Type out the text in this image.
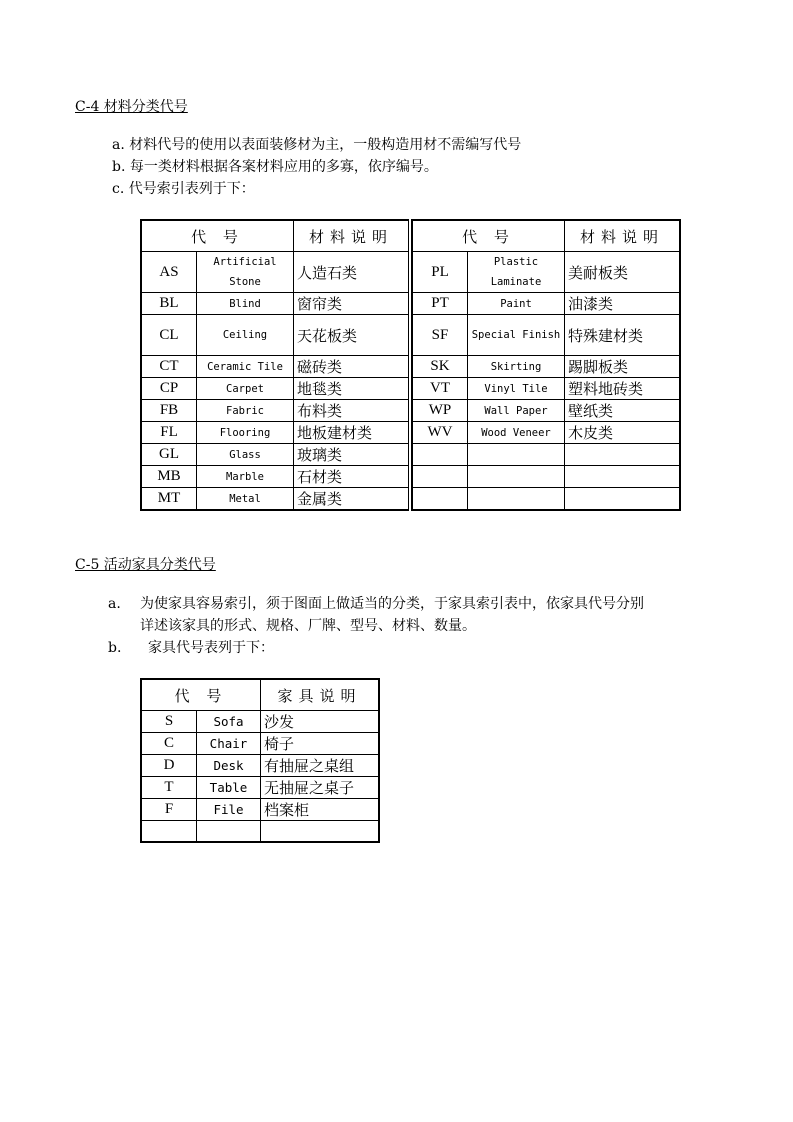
C-4 材料分类代号
a. 材料代号的使用以表面装修材为主，一般构造用材不需编写代号
b. 每一类材料根据各案材料应用的多寡，依序编号。
c. 代号索引表列于下：
代 号		材料说明		代 号		材料说明
AS	Artificial Stone	人造石类		PL	Plastic Laminate	美耐板类
BL	Blind	窗帘类		PT	Paint	油漆类
CL	Ceiling	天花板类		SF	Special Finish	特殊建材类
CT	Ceramic Tile	磁砖类		SK	Skirting	踢脚板类
CP	Carpet	地毯类		VT	Vinyl Tile	塑料地砖类
FB	Fabric	布料类		WP	Wall Paper	壁纸类
FL	Flooring	地板建材类		WV	Wood Veneer	木皮类
GL	Glass	玻璃类				
MB	Marble	石材类				
MT	Metal	金属类				
C-5 活动家具分类代号
a. 为使家具容易索引，须于图面上做适当的分类，于家具索引表中，依家具代号分别
详述该家具的形式、规格、厂牌、型号、材料、数量。
b. 家具代号表列于下：
代 号		家具说明
S	Sofa	沙发
C	Chair	椅子
D	Desk	有抽屉之桌组
T	Table	无抽屉之桌子
F	File	档案柜
